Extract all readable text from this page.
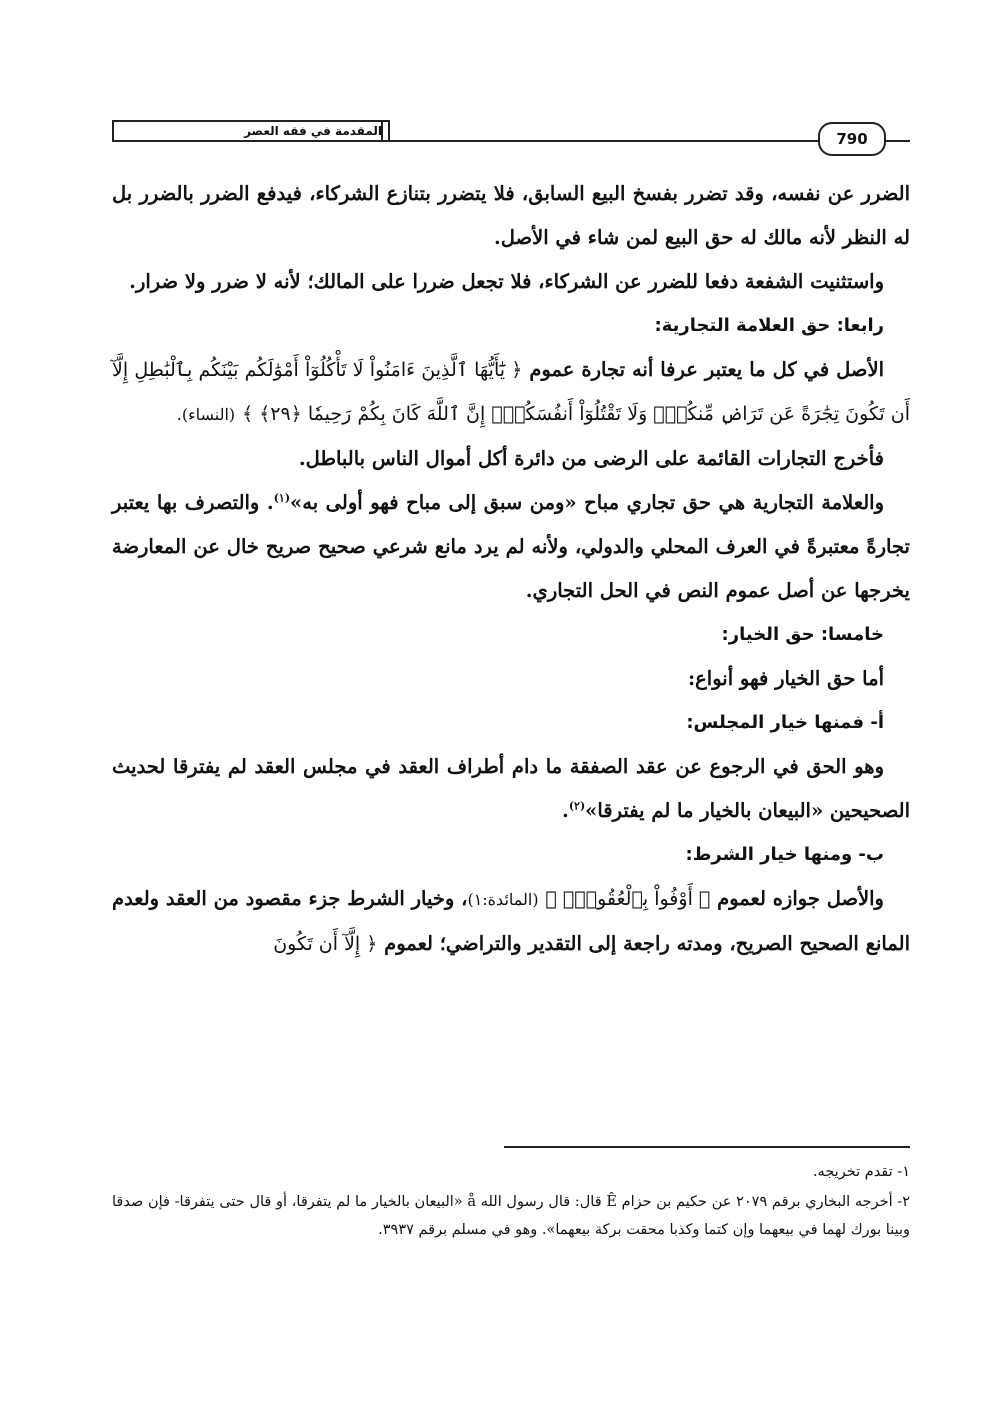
المقدمة في فقه العصر	790

الضرر عن نفسه، وقد تضرر بفسخ البيع السابق، فلا يتضرر بتنازع الشركاء، فيدفع الضرر بالضرر بل له النظر لأنه مالك له حق البيع لمن شاء في الأصل.

واستثنيت الشفعة دفعا للضرر عن الشركاء، فلا تجعل ضررا على المالك؛ لأنه لا ضرر ولا ضرار.

رابعا: حق العلامة التجارية:

الأصل في كل ما يعتبر عرفا أنه تجارة عموم ﴿ يَٰٓأَيُّهَا ٱلَّذِينَ ءَامَنُواْ لَا تَأْكُلُوٓاْ أَمْوَٰلَكُم بَيْنَكُم بِٱلْبَٰطِلِ إِلَّآ أَن تَكُونَ تِجَٰرَةً عَن تَرَاضٖ مِّنكُمْۚ وَلَا تَقْتُلُوٓاْ أَنفُسَكُمْۚ إِنَّ ٱللَّهَ كَانَ بِكُمْ رَحِيمٗا ﴿٢٩﴾ ﴾ (النساء).

فأخرج التجارات القائمة على الرضى من دائرة أكل أموال الناس بالباطل.

والعلامة التجارية هي حق تجاري مباح «ومن سبق إلى مباح فهو أولى به»$^{(١)}$. والتصرف بها يعتبر تجارةً معتبرةً في العرف المحلي والدولي، ولأنه لم يرد مانع شرعي صحيح صريح خال عن المعارضة يخرجها عن أصل عموم النص في الحل التجاري.

خامسا: حق الخيار:

أما حق الخيار فهو أنواع:

أ- فمنها خيار المجلس:

وهو الحق في الرجوع عن عقد الصفقة ما دام أطراف العقد في مجلس العقد لم يفترقا لحديث الصحيحين «البيعان بالخيار ما لم يفترقا»$^{(٢)}$.

ب- ومنها خيار الشرط:

والأصل جوازه لعموم ﴿ أَوْفُواْ بِٱلْعُقُودِۚ ﴾ (المائدة:١)، وخيار الشرط جزء مقصود من العقد ولعدم المانع الصحيح الصريح، ومدته راجعة إلى التقدير والتراضي؛ لعموم ﴿ إِلَّآ أَن تَكُونَ

١- تقدم تخريجه.

٢- أخرجه البخاري برقم ٢٠٧٩ عن حكيم بن حزام Ê قال: قال رسول الله å «البيعان بالخيار ما لم يتفرقا، أو قال حتى يتفرقا- فإن صدقا وبينا بورك لهما في بيعهما وإن كتما وكذبا محقت بركة بيعهما». وهو في مسلم برقم ٣٩٣٧.
